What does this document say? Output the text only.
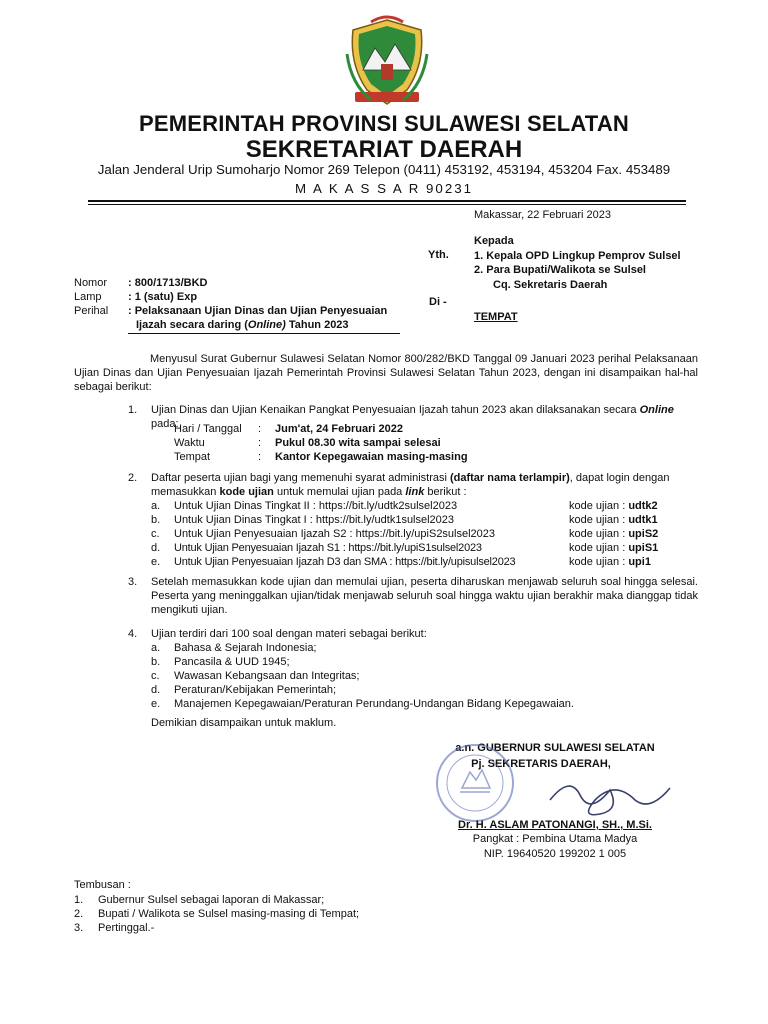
PEMERINTAH PROVINSI SULAWESI SELATAN
SEKRETARIAT DAERAH
Jalan Jenderal Urip Sumoharjo Nomor 269 Telepon (0411) 453192, 453194, 453204 Fax. 453489
M A K A S S A R 90231
Makassar, 22 Februari 2023
Kepada
Yth. 1. Kepala OPD Lingkup Pemprov Sulsel
2. Para Bupati/Walikota se Sulsel
Cq. Sekretaris Daerah
Di -
TEMPAT
Nomor : 800/1713/BKD
Lamp : 1 (satu) Exp
Perihal : Pelaksanaan Ujian Dinas dan Ujian Penyesuaian
Ijazah secara daring (Online) Tahun 2023
Menyusul Surat Gubernur Sulawesi Selatan Nomor 800/282/BKD Tanggal 09 Januari 2023 perihal Pelaksanaan Ujian Dinas dan Ujian Penyesuaian Ijazah Pemerintah Provinsi Sulawesi Selatan Tahun 2023, dengan ini disampaikan hal-hal sebagai berikut:
1. Ujian Dinas dan Ujian Kenaikan Pangkat Penyesuaian Ijazah tahun 2023 akan dilaksanakan secara Online pada:
Hari / Tanggal : Jum'at, 24 Februari 2022
Waktu	: Pukul 08.30 wita sampai selesai
Tempat	: Kantor Kepegawaian masing-masing
2. Daftar peserta ujian bagi yang memenuhi syarat administrasi (daftar nama terlampir), dapat login dengan
memasukkan kode ujian untuk memulai ujian pada link berikut :
a. Untuk Ujian Dinas Tingkat II : https://bit.ly/udtk2sulsel2023	kode ujian : udtk2
b. Untuk Ujian Dinas Tingkat I : https://bit.ly/udtk1sulsel2023	kode ujian : udtk1
c. Untuk Ujian Penyesuaian Ijazah S2 : https://bit.ly/upiS2sulsel2023	kode ujian : upiS2
d. Untuk Ujian Penyesuaian Ijazah S1 : https://bit.ly/upiS1sulsel2023	kode ujian : upiS1
e. Untuk Ujian Penyesuaian Ijazah D3 dan SMA : https://bit.ly/upisulsel2023	kode ujian : upi1
3. Setelah memasukkan kode ujian dan memulai ujian, peserta diharuskan menjawab seluruh soal hingga selesai. Peserta yang meninggalkan ujian/tidak menjawab seluruh soal hingga waktu ujian berakhir maka dianggap tidak mengikuti ujian.
4. Ujian terdiri dari 100 soal dengan materi sebagai berikut:
a. Bahasa & Sejarah Indonesia;
b. Pancasila & UUD 1945;
c. Wawasan Kebangsaan dan Integritas;
d. Peraturan/Kebijakan Pemerintah;
e. Manajemen Kepegawaian/Peraturan Perundang-Undangan Bidang Kepegawaian.
Demikian disampaikan untuk maklum.
a.n. GUBERNUR SULAWESI SELATAN
Pj. SEKRETARIS DAERAH,
Dr. H. ASLAM PATONANGI, SH., M.Si.
Pangkat : Pembina Utama Madya
NIP. 19640520 199202 1 005
Tembusan :
1. Gubernur Sulsel sebagai laporan di Makassar;
2. Bupati / Walikota se Sulsel masing-masing di Tempat;
3. Pertinggal.-
